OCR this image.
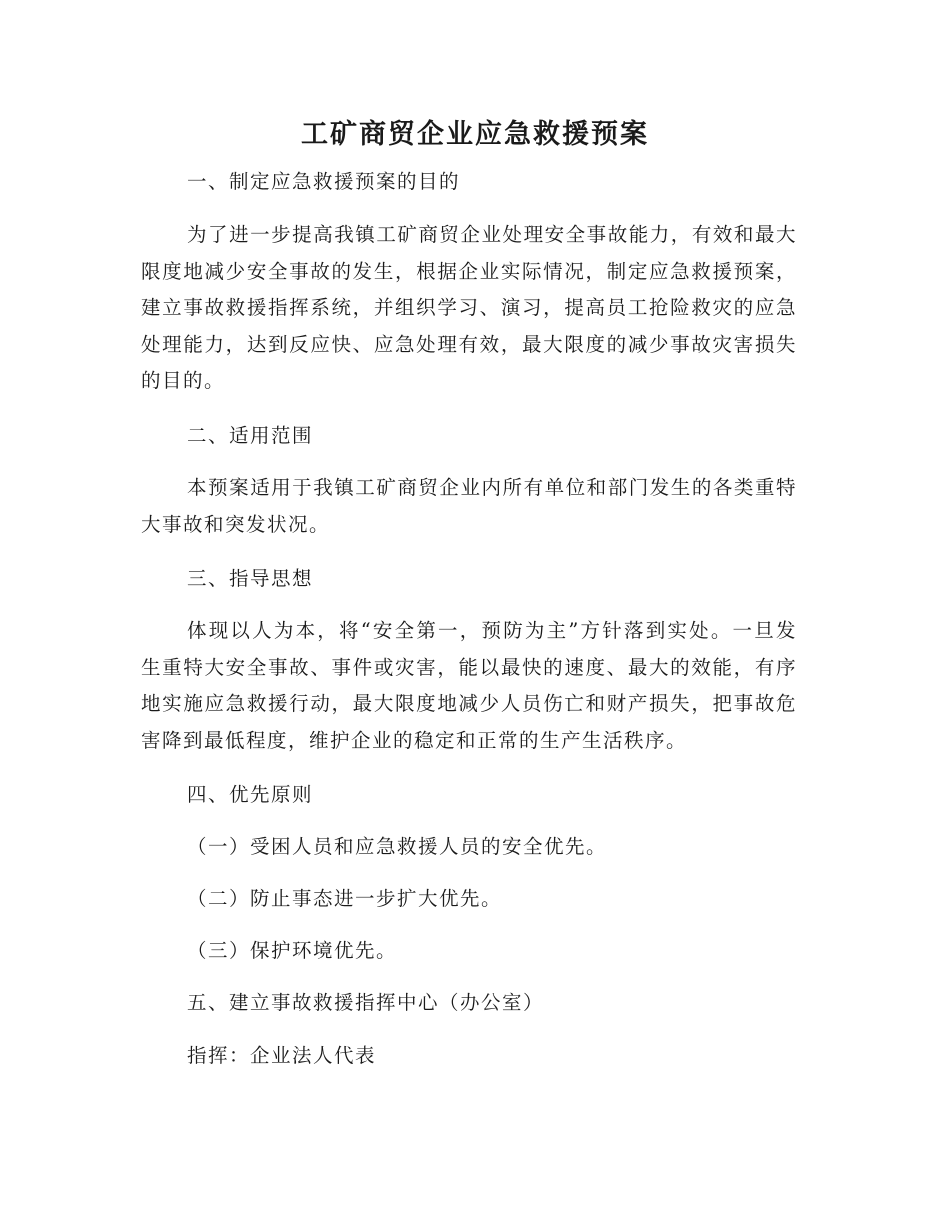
工矿商贸企业应急救援预案

一、制定应急救援预案的目的

为了进一步提高我镇工矿商贸企业处理安全事故能力，有效和最大限度地减少安全事故的发生，根据企业实际情况，制定应急救援预案，建立事故救援指挥系统，并组织学习、演习，提高员工抢险救灾的应急处理能力，达到反应快、应急处理有效，最大限度的减少事故灾害损失的目的。

二、适用范围

本预案适用于我镇工矿商贸企业内所有单位和部门发生的各类重特大事故和突发状况。

三、指导思想

体现以人为本，将“安全第一，预防为主”方针落到实处。一旦发生重特大安全事故、事件或灾害，能以最快的速度、最大的效能，有序地实施应急救援行动，最大限度地减少人员伤亡和财产损失，把事故危害降到最低程度，维护企业的稳定和正常的生产生活秩序。

四、优先原则

（一）受困人员和应急救援人员的安全优先。

（二）防止事态进一步扩大优先。

（三）保护环境优先。

五、建立事故救援指挥中心（办公室）

指挥：企业法人代表
